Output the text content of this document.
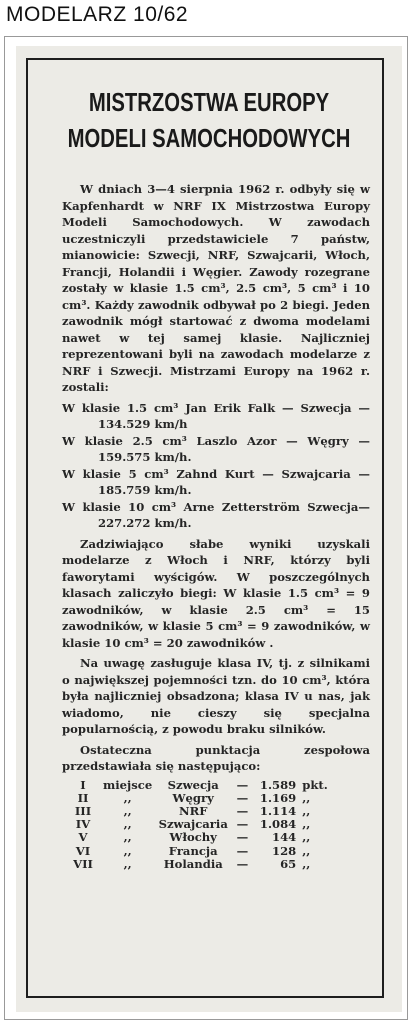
MODELARZ 10/62
MISTRZOSTWA EUROPY
MODELI SAMOCHODOWYCH

W dniach 3—4 sierpnia 1962 r. odbyły się w Kapfenhardt w NRF IX Mistrzostwa Europy Modeli Samochodowych. W zawodach uczestniczyli przedstawiciele 7 państw, mianowicie: Szwecji, NRF, Szwajcarii, Włoch, Francji, Holandii i Węgier. Zawody rozegrane zostały w klasie 1.5 cm³, 2.5 cm³, 5 cm³ i 10 cm³. Każdy zawodnik odbywał po 2 biegi. Jeden zawodnik mógł startować z dwoma modelami nawet w tej samej klasie. Najliczniej reprezentowani byli na zawodach modelarze z NRF i Szwecji. Mistrzami Europy na 1962 r. zostali:

W klasie 1.5 cm³ Jan Erik Falk — Szwecja — 134.529 km/h
W klasie 2.5 cm³ Laszlo Azor — Węgry — 159.575 km/h.
W klasie 5 cm³ Zahnd Kurt — Szwajcaria — 185.759 km/h.
W klasie 10 cm³ Arne Zetterström Szwecja—227.272 km/h.

Zadziwiająco słabe wyniki uzyskali modelarze z Włoch i NRF, którzy byli faworytami wyścigów. W poszczególnych klasach zaliczyło biegi: W klasie 1.5 cm³ = 9 zawodników, w klasie 2.5 cm³ = 15 zawodników, w klasie 5 cm³ = 9 zawodników, w klasie 10 cm³ = 20 zawodników .

Na uwagę zasługuje klasa IV, tj. z silnikami o największej pojemności tzn. do 10 cm³, która była najliczniej obsadzona; klasa IV u nas, jak wiadomo, nie cieszy się specjalna popularnością, z powodu braku silników.

Ostateczna punktacja zespołowa przedstawiała się następująco:

I	miejsce	Szwecja	—	1.589	pkt.
II	,,	Węgry	—	1.169	,,
III	,,	NRF	—	1.114	,,
IV	,,	Szwajcaria	—	1.084	,,
V	,,	Włochy	—	144	,,
VI	,,	Francja	—	128	,,
VII	,,	Holandia	—	65	,,
